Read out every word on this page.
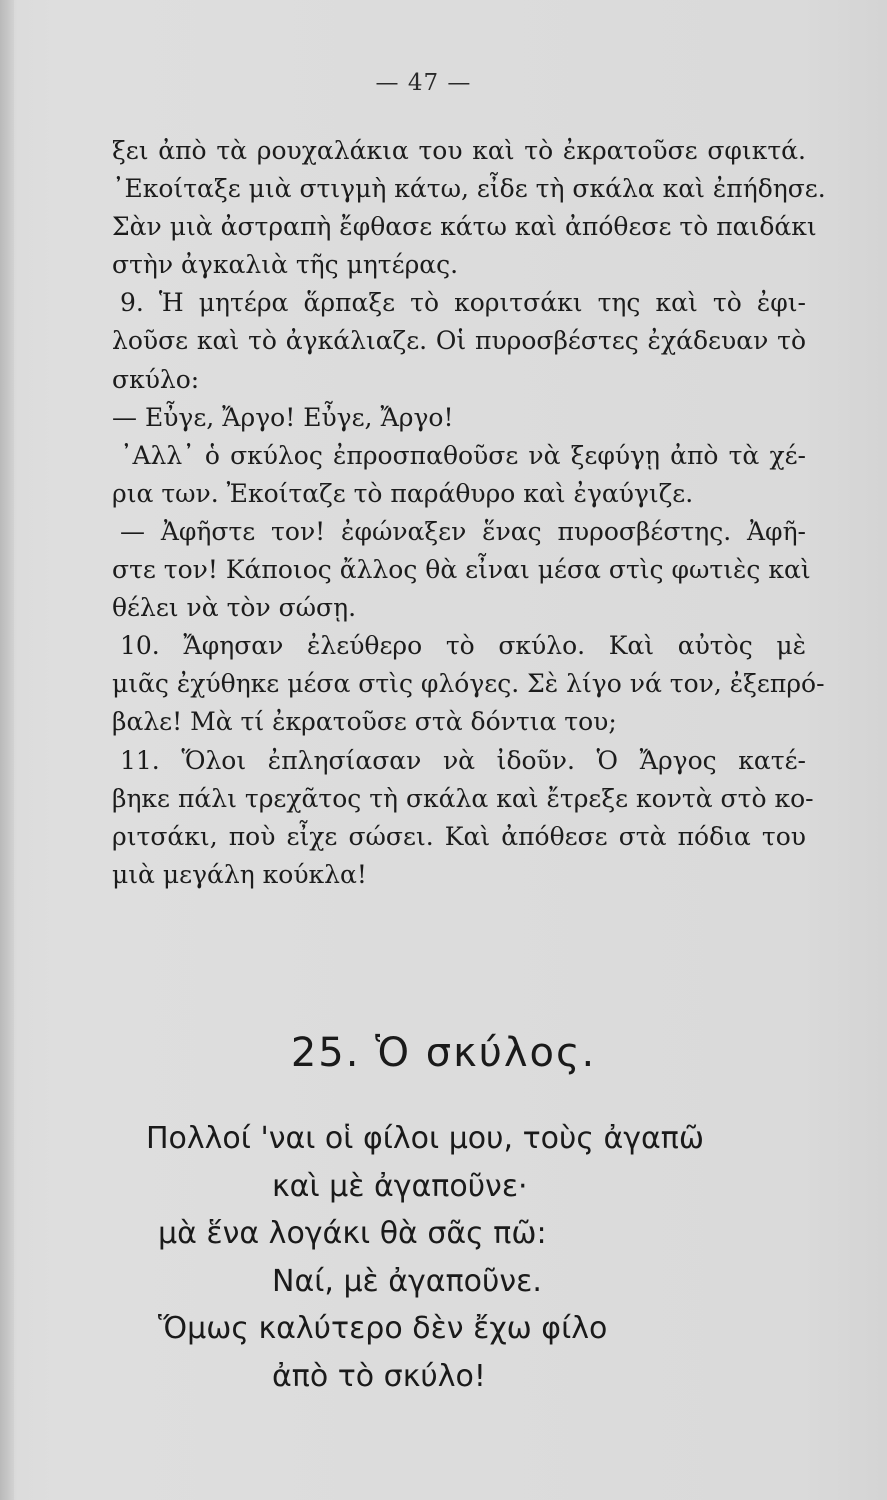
— 47 —
ξει ἀπὸ τὰ ρουχαλάκια του καὶ τὸ ἐκρατοῦσε σφικτά.
᾿Εκοίταξε μιὰ στιγμὴ κάτω, εἶδε τὴ σκάλα καὶ ἐπήδησε.
Σὰν μιὰ ἀστραπὴ ἔφθασε κάτω καὶ ἀπόθεσε τὸ παιδάκι
στὴν ἀγκαλιὰ τῆς μητέρας.
9. Ἡ μητέρα ἅρπαξε τὸ κοριτσάκι της καὶ τὸ ἐφι-
λοῦσε καὶ τὸ ἀγκάλιαζε. Οἱ πυροσβέστες ἐχάδευαν τὸ
σκύλο:
— Εὖγε, Ἄργο! Εὖγε, Ἄργο!
᾿Αλλ᾿ ὁ σκύλος ἐπροσπαθοῦσε νὰ ξεφύγῃ ἀπὸ τὰ χέ-
ρια των. Ἐκοίταζε τὸ παράθυρο καὶ ἐγαύγιζε.
— Ἀφῆστε τον! ἐφώναξεν ἕνας πυροσβέστης. Ἀφῆ-
στε τον! Κάποιος ἄλλος θὰ εἶναι μέσα στὶς φωτιὲς καὶ
θέλει νὰ τὸν σώσῃ.
10. Ἄφησαν ἐλεύθερο τὸ σκύλο. Καὶ αὐτὸς μὲ
μιᾶς ἐχύθηκε μέσα στὶς φλόγες. Σὲ λίγο νά τον, ἐξεπρό-
βαλε! Μὰ τί ἐκρατοῦσε στὰ δόντια του;
11. Ὅλοι ἐπλησίασαν νὰ ἰδοῦν. Ὁ Ἄργος κατέ-
βηκε πάλι τρεχᾶτος τὴ σκάλα καὶ ἔτρεξε κοντὰ στὸ κο-
ριτσάκι, ποὺ εἶχε σώσει. Καὶ ἀπόθεσε στὰ πόδια του
μιὰ μεγάλη κούκλα!
25. Ὁ σκύλος.
Πολλοί 'ναι οἱ φίλοι μου, τοὺς ἀγαπῶ
καὶ μὲ ἀγαποῦνε·
μὰ ἕνα λογάκι θὰ σᾶς πῶ:
Ναί, μὲ ἀγαποῦνε.
Ὅμως καλύτερο δὲν ἔχω φίλο
ἀπὸ τὸ σκύλο!
